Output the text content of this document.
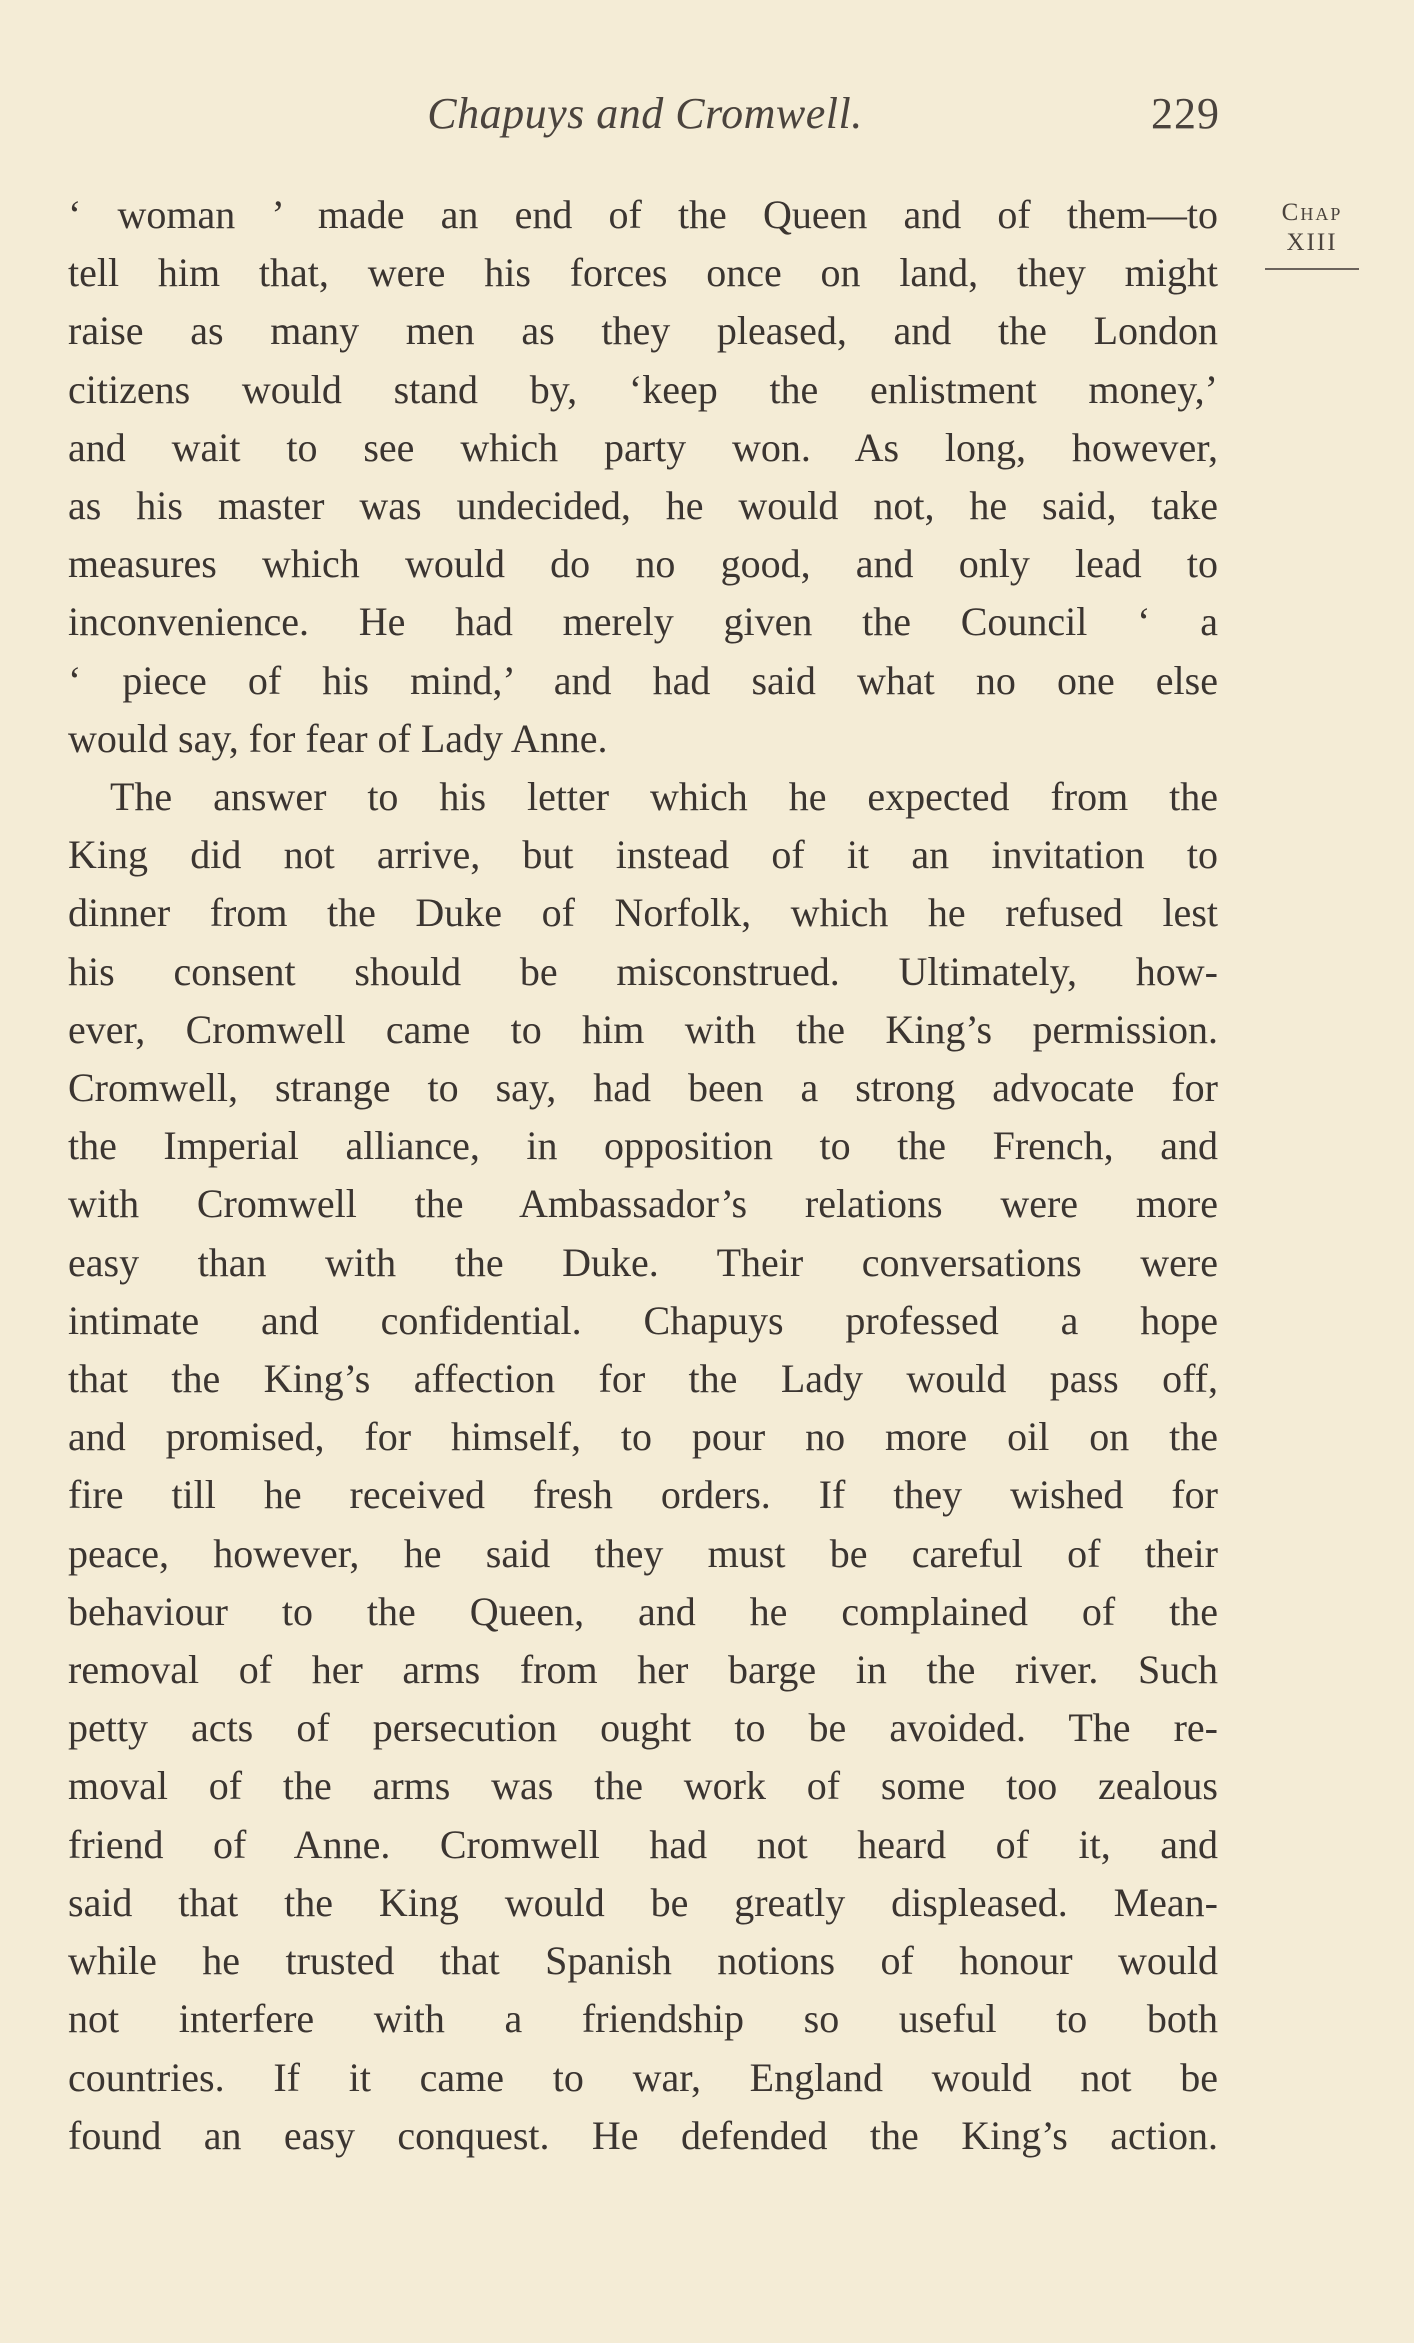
Chapuys and Cromwell.	229
Chap
XIII
‘ woman ’ made an end of the Queen and of them—to
tell him that, were his forces once on land, they might
raise as many men as they pleased, and the London
citizens would stand by, ‘keep the enlistment money,’
and wait to see which party won. As long, however,
as his master was undecided, he would not, he said, take
measures which would do no good, and only lead to
inconvenience. He had merely given the Council ‘ a
‘ piece of his mind,’ and had said what no one else
would say, for fear of Lady Anne.
The answer to his letter which he expected from the
King did not arrive, but instead of it an invitation to
dinner from the Duke of Norfolk, which he refused lest
his consent should be misconstrued. Ultimately, how-
ever, Cromwell came to him with the King’s permission.
Cromwell, strange to say, had been a strong advocate for
the Imperial alliance, in opposition to the French, and
with Cromwell the Ambassador’s relations were more
easy than with the Duke. Their conversations were
intimate and confidential. Chapuys professed a hope
that the King’s affection for the Lady would pass off,
and promised, for himself, to pour no more oil on the
fire till he received fresh orders. If they wished for
peace, however, he said they must be careful of their
behaviour to the Queen, and he complained of the
removal of her arms from her barge in the river. Such
petty acts of persecution ought to be avoided. The re-
moval of the arms was the work of some too zealous
friend of Anne. Cromwell had not heard of it, and
said that the King would be greatly displeased. Mean-
while he trusted that Spanish notions of honour would
not interfere with a friendship so useful to both
countries. If it came to war, England would not be
found an easy conquest. He defended the King’s action.
